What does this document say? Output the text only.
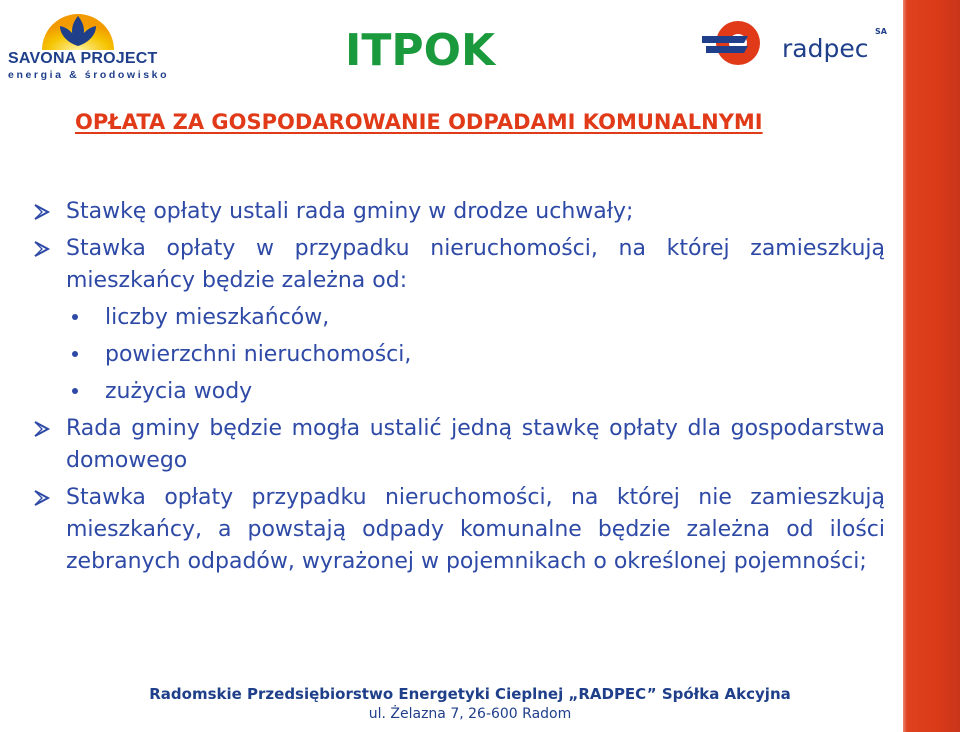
SAVONA PROJECT
energia & środowisko	ITPOK	radpec
SA
OPŁATA ZA GOSPODAROWANIE ODPADAMI KOMUNALNYMI
Stawkę opłaty ustali rada gminy w drodze uchwały;
Stawka opłaty w przypadku nieruchomości, na której zamieszkują mieszkańcy będzie zależna od:
liczby mieszkańców,
powierzchni nieruchomości,
zużycia wody
Rada gminy będzie mogła ustalić jedną stawkę opłaty dla gospodarstwa domowego
Stawka opłaty przypadku nieruchomości, na której nie zamieszkują mieszkańcy, a powstają odpady komunalne będzie zależna od ilości zebranych odpadów, wyrażonej w pojemnikach o określonej pojemności;
Radomskie Przedsiębiorstwo Energetyki Cieplnej „RADPEC” Spółka Akcyjna
ul. Żelazna 7, 26-600 Radom
